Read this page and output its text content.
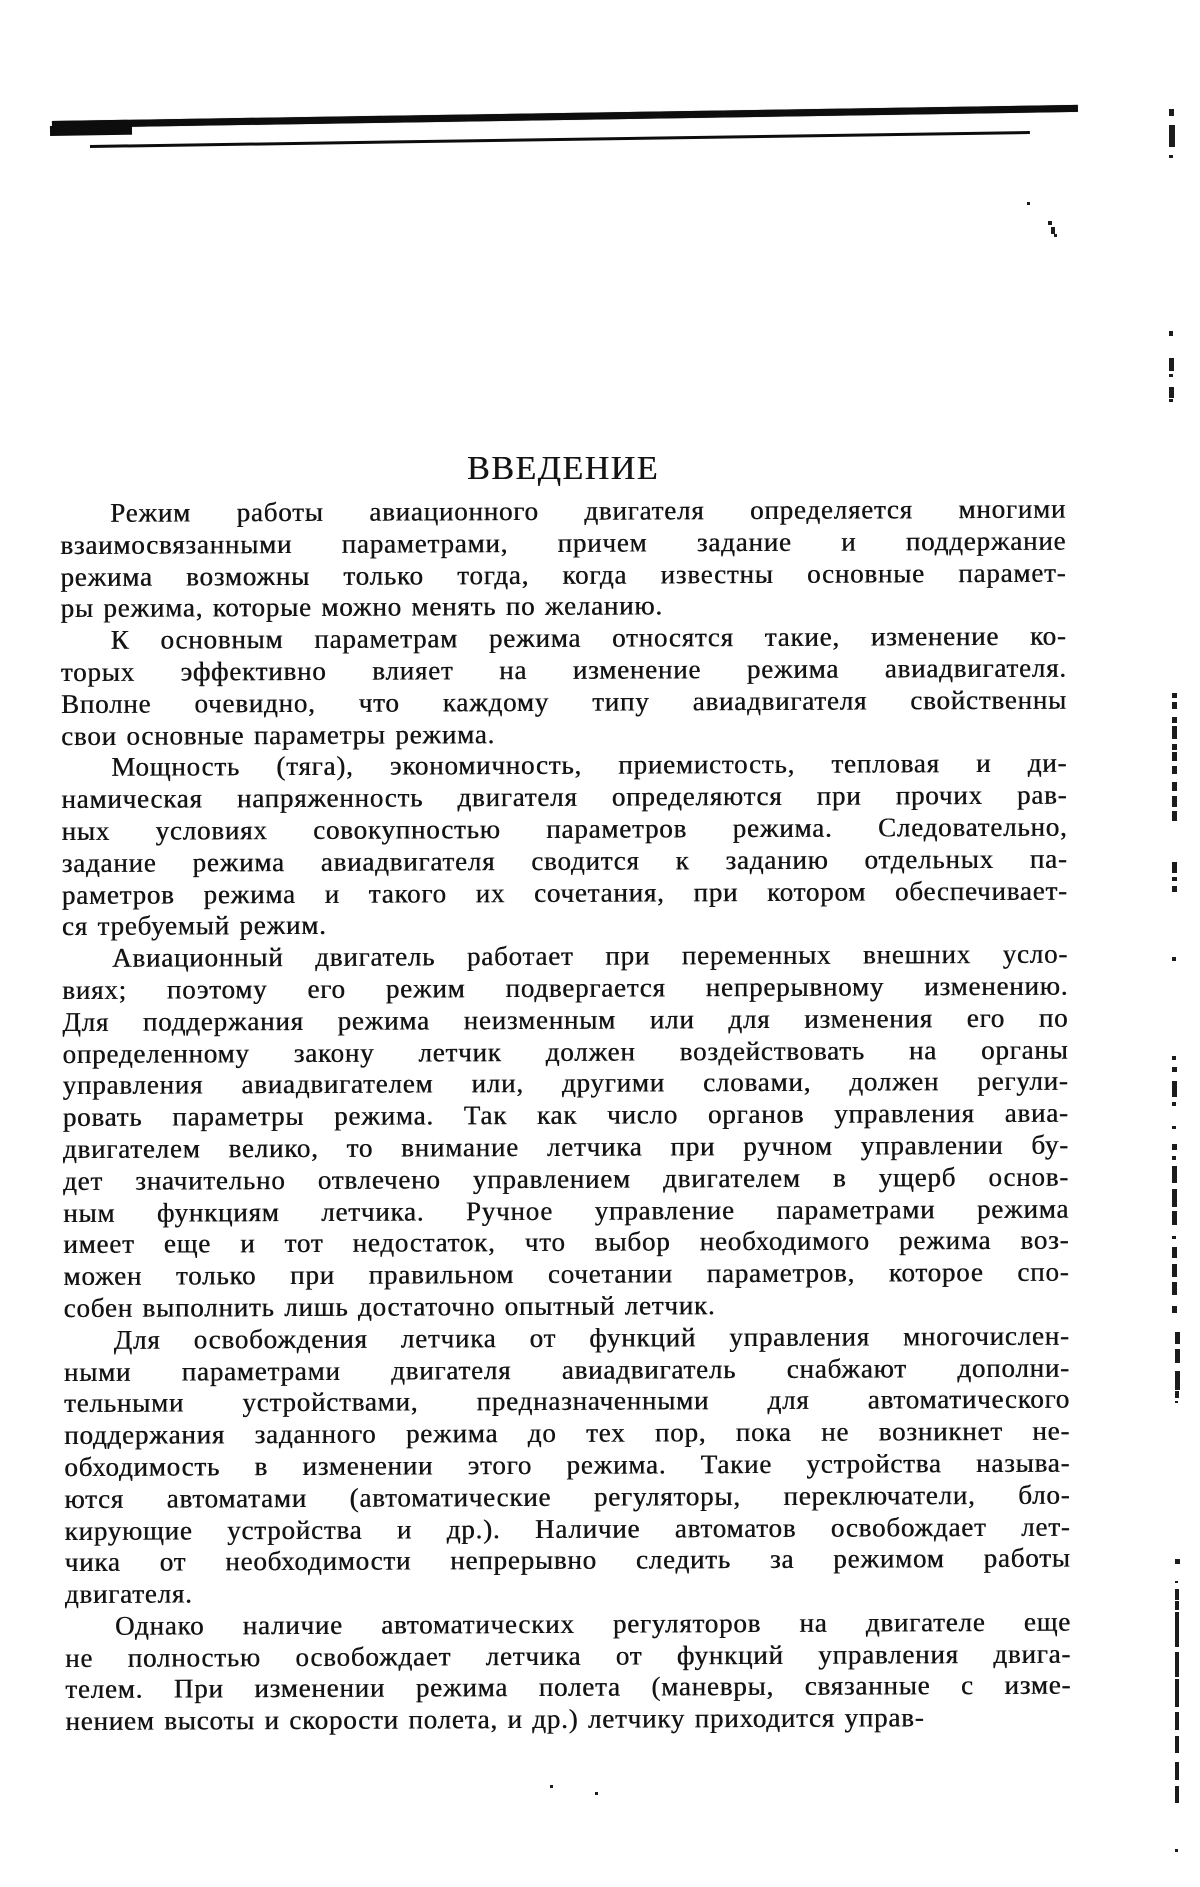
ВВЕДЕНИЕ
Режим работы авиационного двигателя определяется многими
взаимосвязанными параметрами, причем задание и поддержание
режима возможны только тогда, когда известны основные парамет-
ры режима, которые можно менять по желанию.
К основным параметрам режима относятся такие, изменение ко-
торых эффективно влияет на изменение режима авиадвигателя.
Вполне очевидно, что каждому типу авиадвигателя свойственны
свои основные параметры режима.
Мощность (тяга), экономичность, приемистость, тепловая и ди-
намическая напряженность двигателя определяются при прочих рав-
ных условиях совокупностью параметров режима. Следовательно,
задание режима авиадвигателя сводится к заданию отдельных па-
раметров режима и такого их сочетания, при котором обеспечивает-
ся требуемый режим.
Авиационный двигатель работает при переменных внешних усло-
виях; поэтому его режим подвергается непрерывному изменению.
Для поддержания режима неизменным или для изменения его по
определенному закону летчик должен воздействовать на органы
управления авиадвигателем или, другими словами, должен регули-
ровать параметры режима. Так как число органов управления авиа-
двигателем велико, то внимание летчика при ручном управлении бу-
дет значительно отвлечено управлением двигателем в ущерб основ-
ным функциям летчика. Ручное управление параметрами режима
имеет еще и тот недостаток, что выбор необходимого режима воз-
можен только при правильном сочетании параметров, которое спо-
собен выполнить лишь достаточно опытный летчик.
Для освобождения летчика от функций управления многочислен-
ными параметрами двигателя авиадвигатель снабжают дополни-
тельными устройствами, предназначенными для автоматического
поддержания заданного режима до тех пор, пока не возникнет не-
обходимость в изменении этого режима. Такие устройства называ-
ются автоматами (автоматические регуляторы, переключатели, бло-
кирующие устройства и др.). Наличие автоматов освобождает лет-
чика от необходимости непрерывно следить за режимом работы
двигателя.
Однако наличие автоматических регуляторов на двигателе еще
не полностью освобождает летчика от функций управления двига-
телем. При изменении режима полета (маневры, связанные с изме-
нением высоты и скорости полета, и др.) летчику приходится управ-
